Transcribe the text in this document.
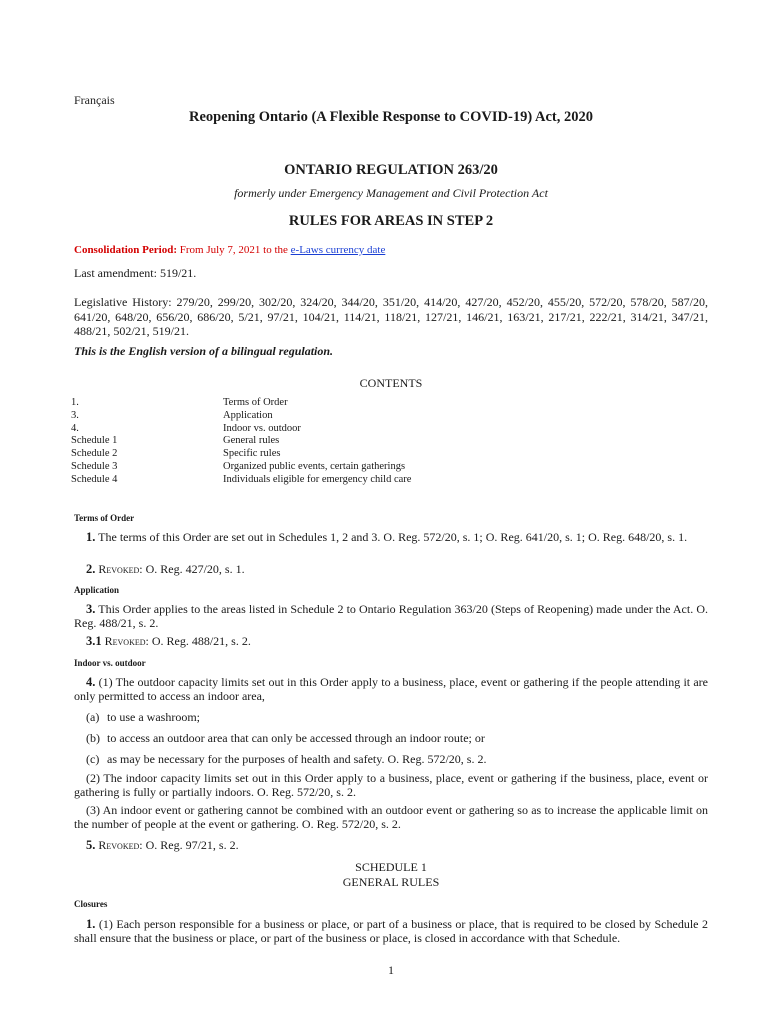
Français
Reopening Ontario (A Flexible Response to COVID-19) Act, 2020
ONTARIO REGULATION 263/20
formerly under Emergency Management and Civil Protection Act
RULES FOR AREAS IN STEP 2
Consolidation Period: From July 7, 2021 to the e-Laws currency date
Last amendment: 519/21.
Legislative History: 279/20, 299/20, 302/20, 324/20, 344/20, 351/20, 414/20, 427/20, 452/20, 455/20, 572/20, 578/20, 587/20, 641/20, 648/20, 656/20, 686/20, 5/21, 97/21, 104/21, 114/21, 118/21, 127/21, 146/21, 163/21, 217/21, 222/21, 314/21, 347/21, 488/21, 502/21, 519/21.
This is the English version of a bilingual regulation.
CONTENTS
1.	Terms of Order
3.	Application
4.	Indoor vs. outdoor
Schedule 1	General rules
Schedule 2	Specific rules
Schedule 3	Organized public events, certain gatherings
Schedule 4	Individuals eligible for emergency child care
Terms of Order
1. The terms of this Order are set out in Schedules 1, 2 and 3. O. Reg. 572/20, s. 1; O. Reg. 641/20, s. 1; O. Reg. 648/20, s. 1.
2. Revoked: O. Reg. 427/20, s. 1.
Application
3. This Order applies to the areas listed in Schedule 2 to Ontario Regulation 363/20 (Steps of Reopening) made under the Act. O. Reg. 488/21, s. 2.
3.1 Revoked: O. Reg. 488/21, s. 2.
Indoor vs. outdoor
4. (1) The outdoor capacity limits set out in this Order apply to a business, place, event or gathering if the people attending it are only permitted to access an indoor area,
(a) to use a washroom;
(b) to access an outdoor area that can only be accessed through an indoor route; or
(c) as may be necessary for the purposes of health and safety. O. Reg. 572/20, s. 2.
(2) The indoor capacity limits set out in this Order apply to a business, place, event or gathering if the business, place, event or gathering is fully or partially indoors. O. Reg. 572/20, s. 2.
(3) An indoor event or gathering cannot be combined with an outdoor event or gathering so as to increase the applicable limit on the number of people at the event or gathering. O. Reg. 572/20, s. 2.
5. Revoked: O. Reg. 97/21, s. 2.
SCHEDULE 1
GENERAL RULES
Closures
1. (1) Each person responsible for a business or place, or part of a business or place, that is required to be closed by Schedule 2 shall ensure that the business or place, or part of the business or place, is closed in accordance with that Schedule.
1
